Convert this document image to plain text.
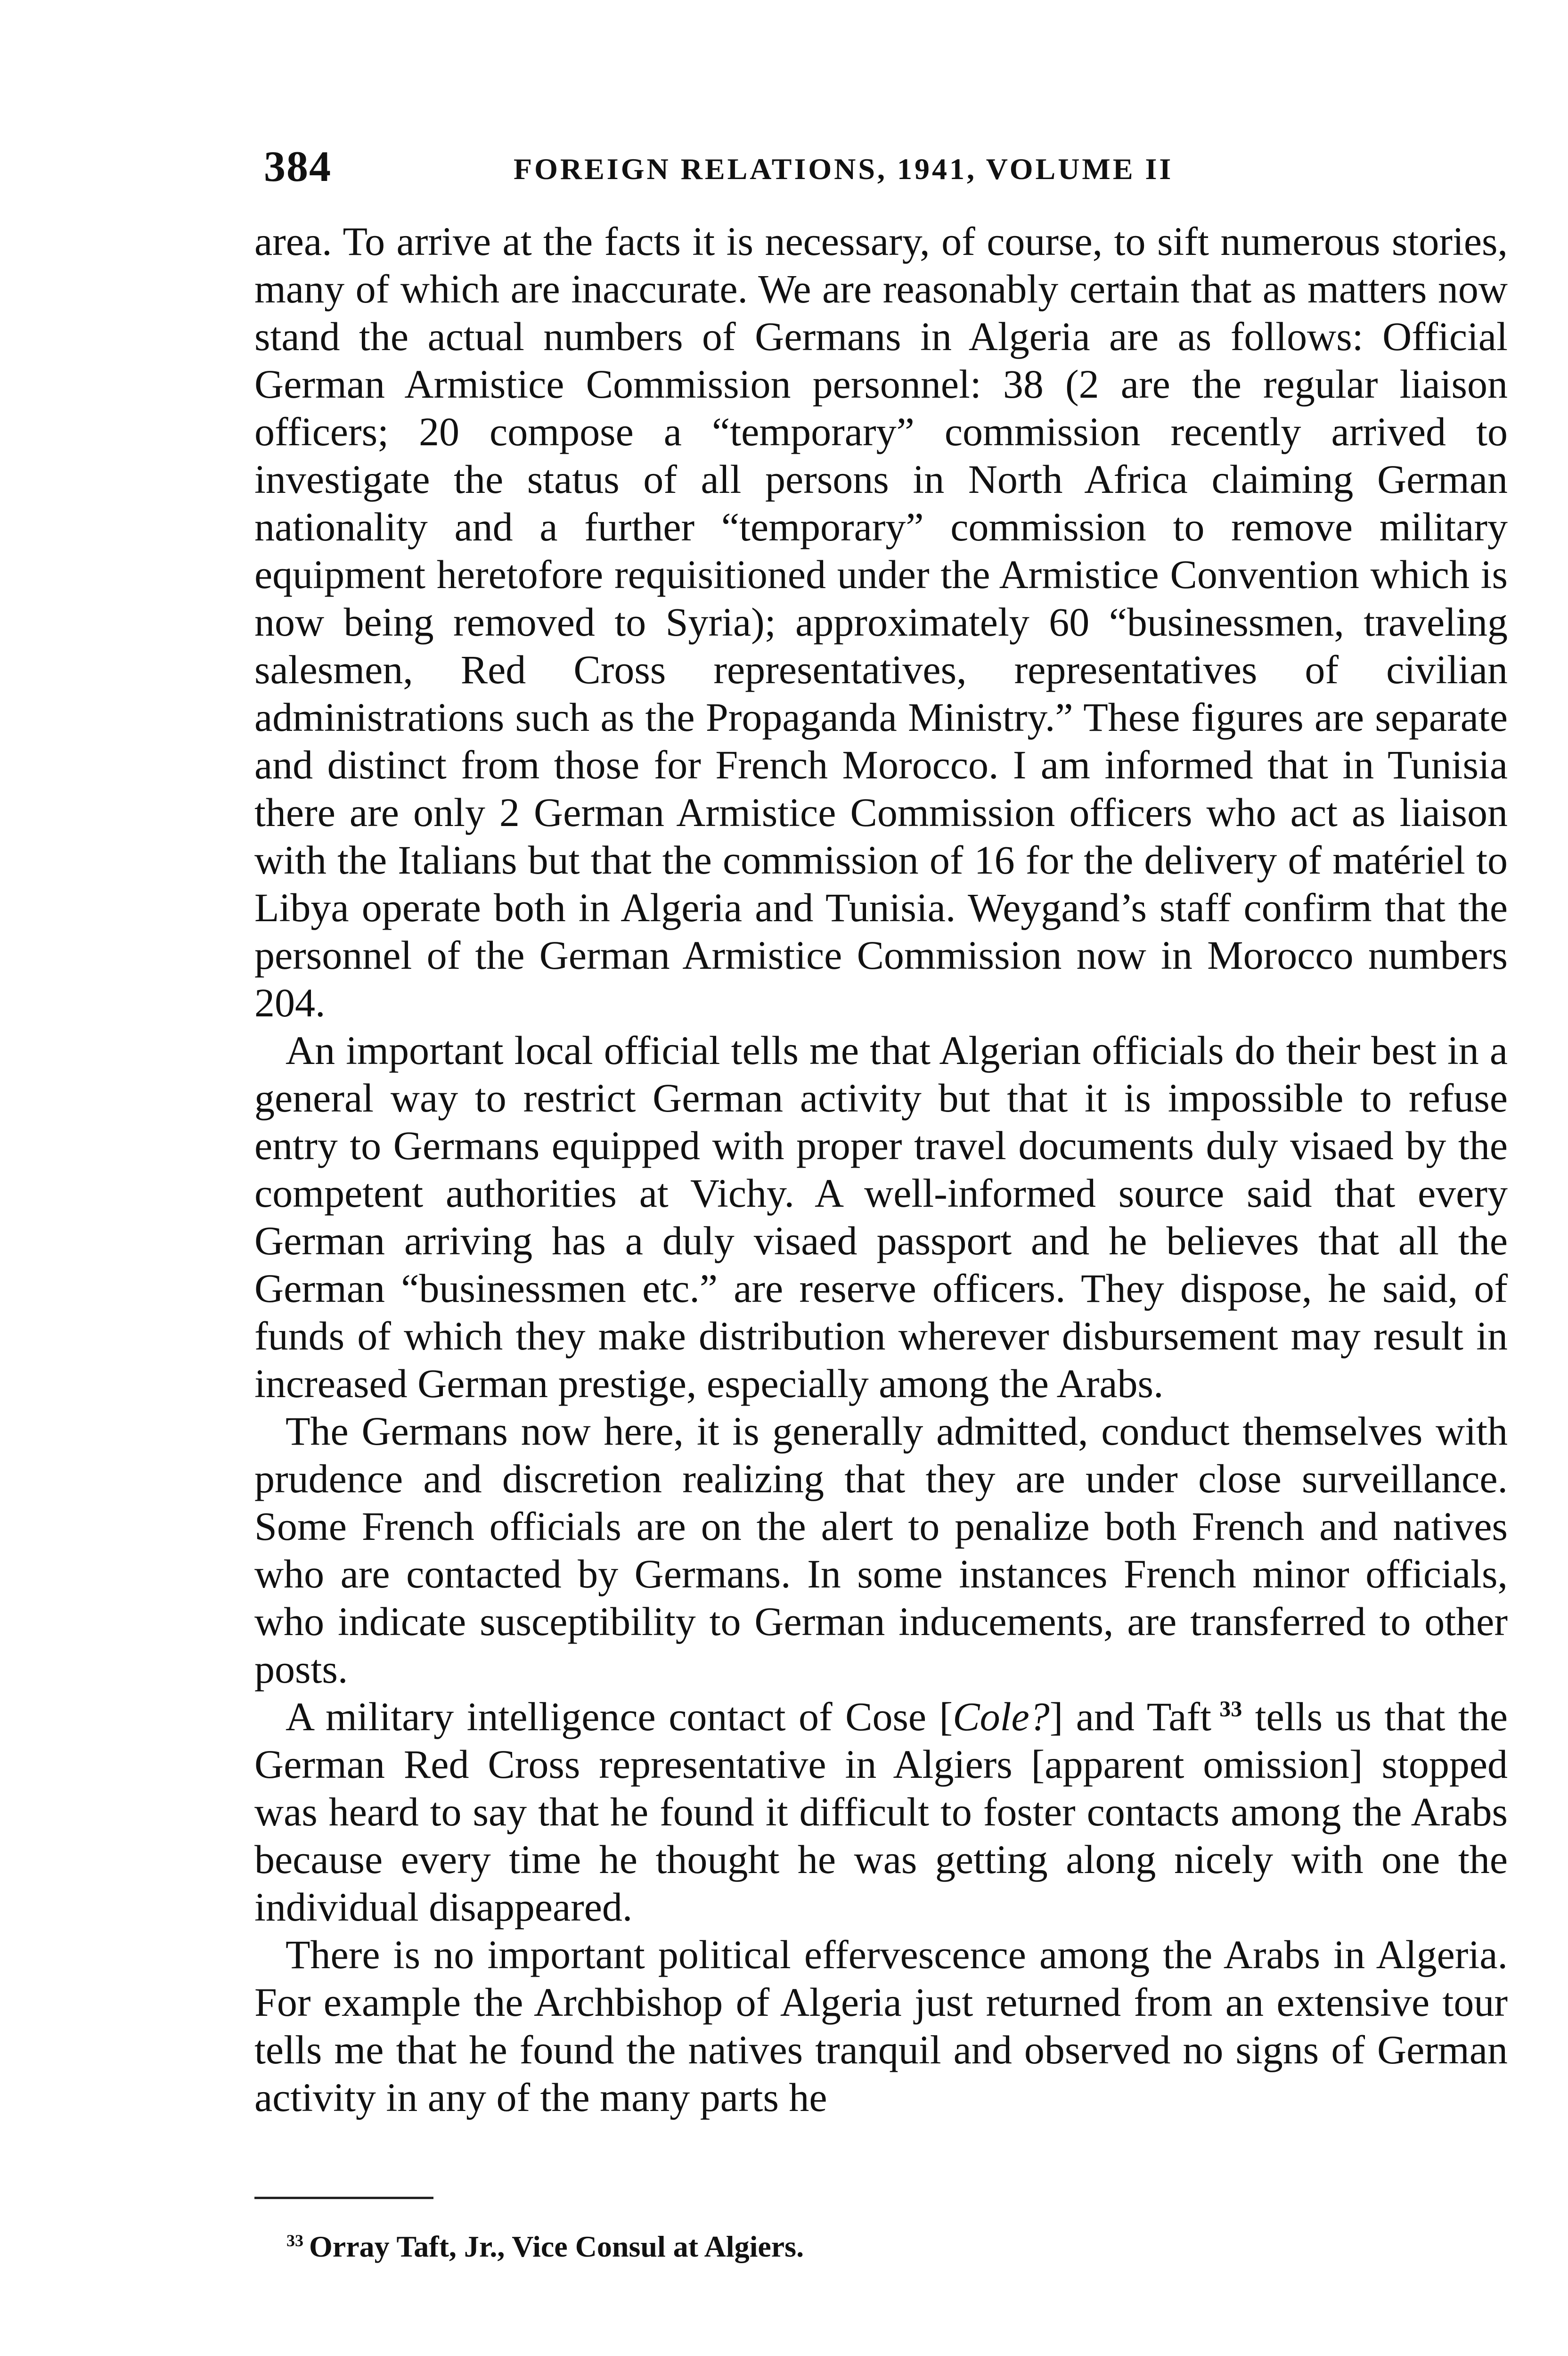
384	FOREIGN RELATIONS, 1941, VOLUME II

area. To arrive at the facts it is necessary, of course, to sift numerous stories, many of which are inaccurate. We are reasonably certain that as matters now stand the actual numbers of Germans in Algeria are as follows: Official German Armistice Commission personnel: 38 (2 are the regular liaison officers; 20 compose a “temporary” commission recently arrived to investigate the status of all persons in North Africa claiming German nationality and a further “temporary” commission to remove military equipment heretofore requisitioned under the Armistice Convention which is now being removed to Syria); approximately 60 “businessmen, traveling salesmen, Red Cross representatives, representatives of civilian administrations such as the Propaganda Ministry.” These figures are separate and distinct from those for French Morocco. I am informed that in Tunisia there are only 2 German Armistice Commission officers who act as liaison with the Italians but that the commission of 16 for the delivery of matériel to Libya operate both in Algeria and Tunisia. Weygand’s staff confirm that the personnel of the German Armistice Commission now in Morocco numbers 204.

An important local official tells me that Algerian officials do their best in a general way to restrict German activity but that it is impossible to refuse entry to Germans equipped with proper travel documents duly visaed by the competent authorities at Vichy. A well-informed source said that every German arriving has a duly visaed passport and he believes that all the German “businessmen etc.” are reserve officers. They dispose, he said, of funds of which they make distribution wherever disbursement may result in increased German prestige, especially among the Arabs.

The Germans now here, it is generally admitted, conduct themselves with prudence and discretion realizing that they are under close surveillance. Some French officials are on the alert to penalize both French and natives who are contacted by Germans. In some instances French minor officials, who indicate susceptibility to German inducements, are transferred to other posts.

A military intelligence contact of Cose [Cole?] and Taft  $^{33}$ tells us that the German Red Cross representative in Algiers [apparent omission] stopped was heard to say that he found it difficult to foster contacts among the Arabs because every time he thought he was getting along nicely with one the individual disappeared.

There is no important political effervescence among the Arabs in Algeria. For example the Archbishop of Algeria just returned from an extensive tour tells me that he found the natives tranquil and observed no signs of German activity in any of the many parts he

$^{33}$ Orray Taft, Jr., Vice Consul at Algiers.
